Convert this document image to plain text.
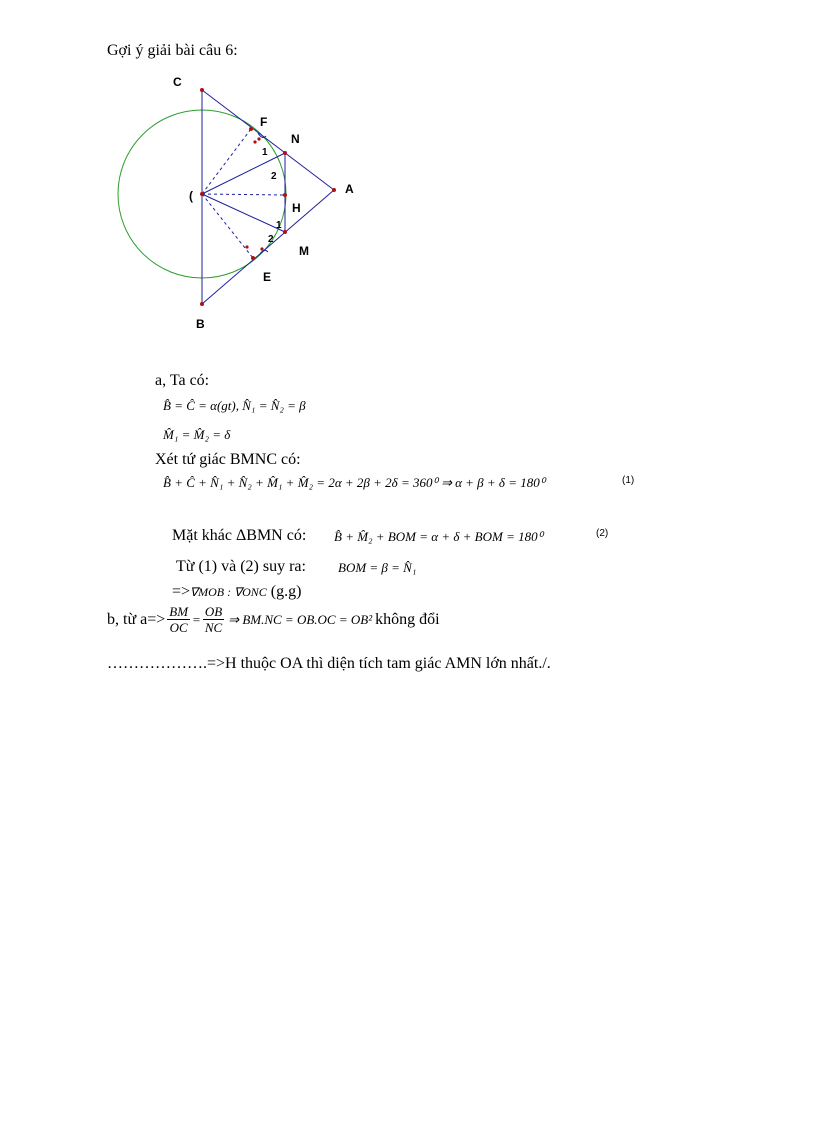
Gợi ý giải bài câu 6:
C
F
N
A
(
H
M
E
B
1
2
1
2
a, Ta có:
B̂ = Ĉ = α(gt), N̂₁ = N̂₂ = β
M̂₁ = M̂₂ = δ
Xét tứ giác BMNC có:
B̂ + Ĉ + N̂₁ + N̂₂ + M̂₁ + M̂₂ = 2α + 2β + 2δ = 360⁰ ⇒ α + β + δ = 180⁰	(1)
Mặt khác ΔBMN có: B̂ + M̂₂ + BOM = α + δ + BOM = 180⁰	(2)
Từ (1) và (2) suy ra: BOM = β = N̂₁
=>∇MOB : ∇ONC (g.g)
b, từ $a=> \frac{BM}{OC} = \frac{OB}{NC}$ ⇒ BM.NC = OB.OC = OB² không đổi
……………….=>H thuộc OA thì diện tích tam giác AMN lớn nhất./.
